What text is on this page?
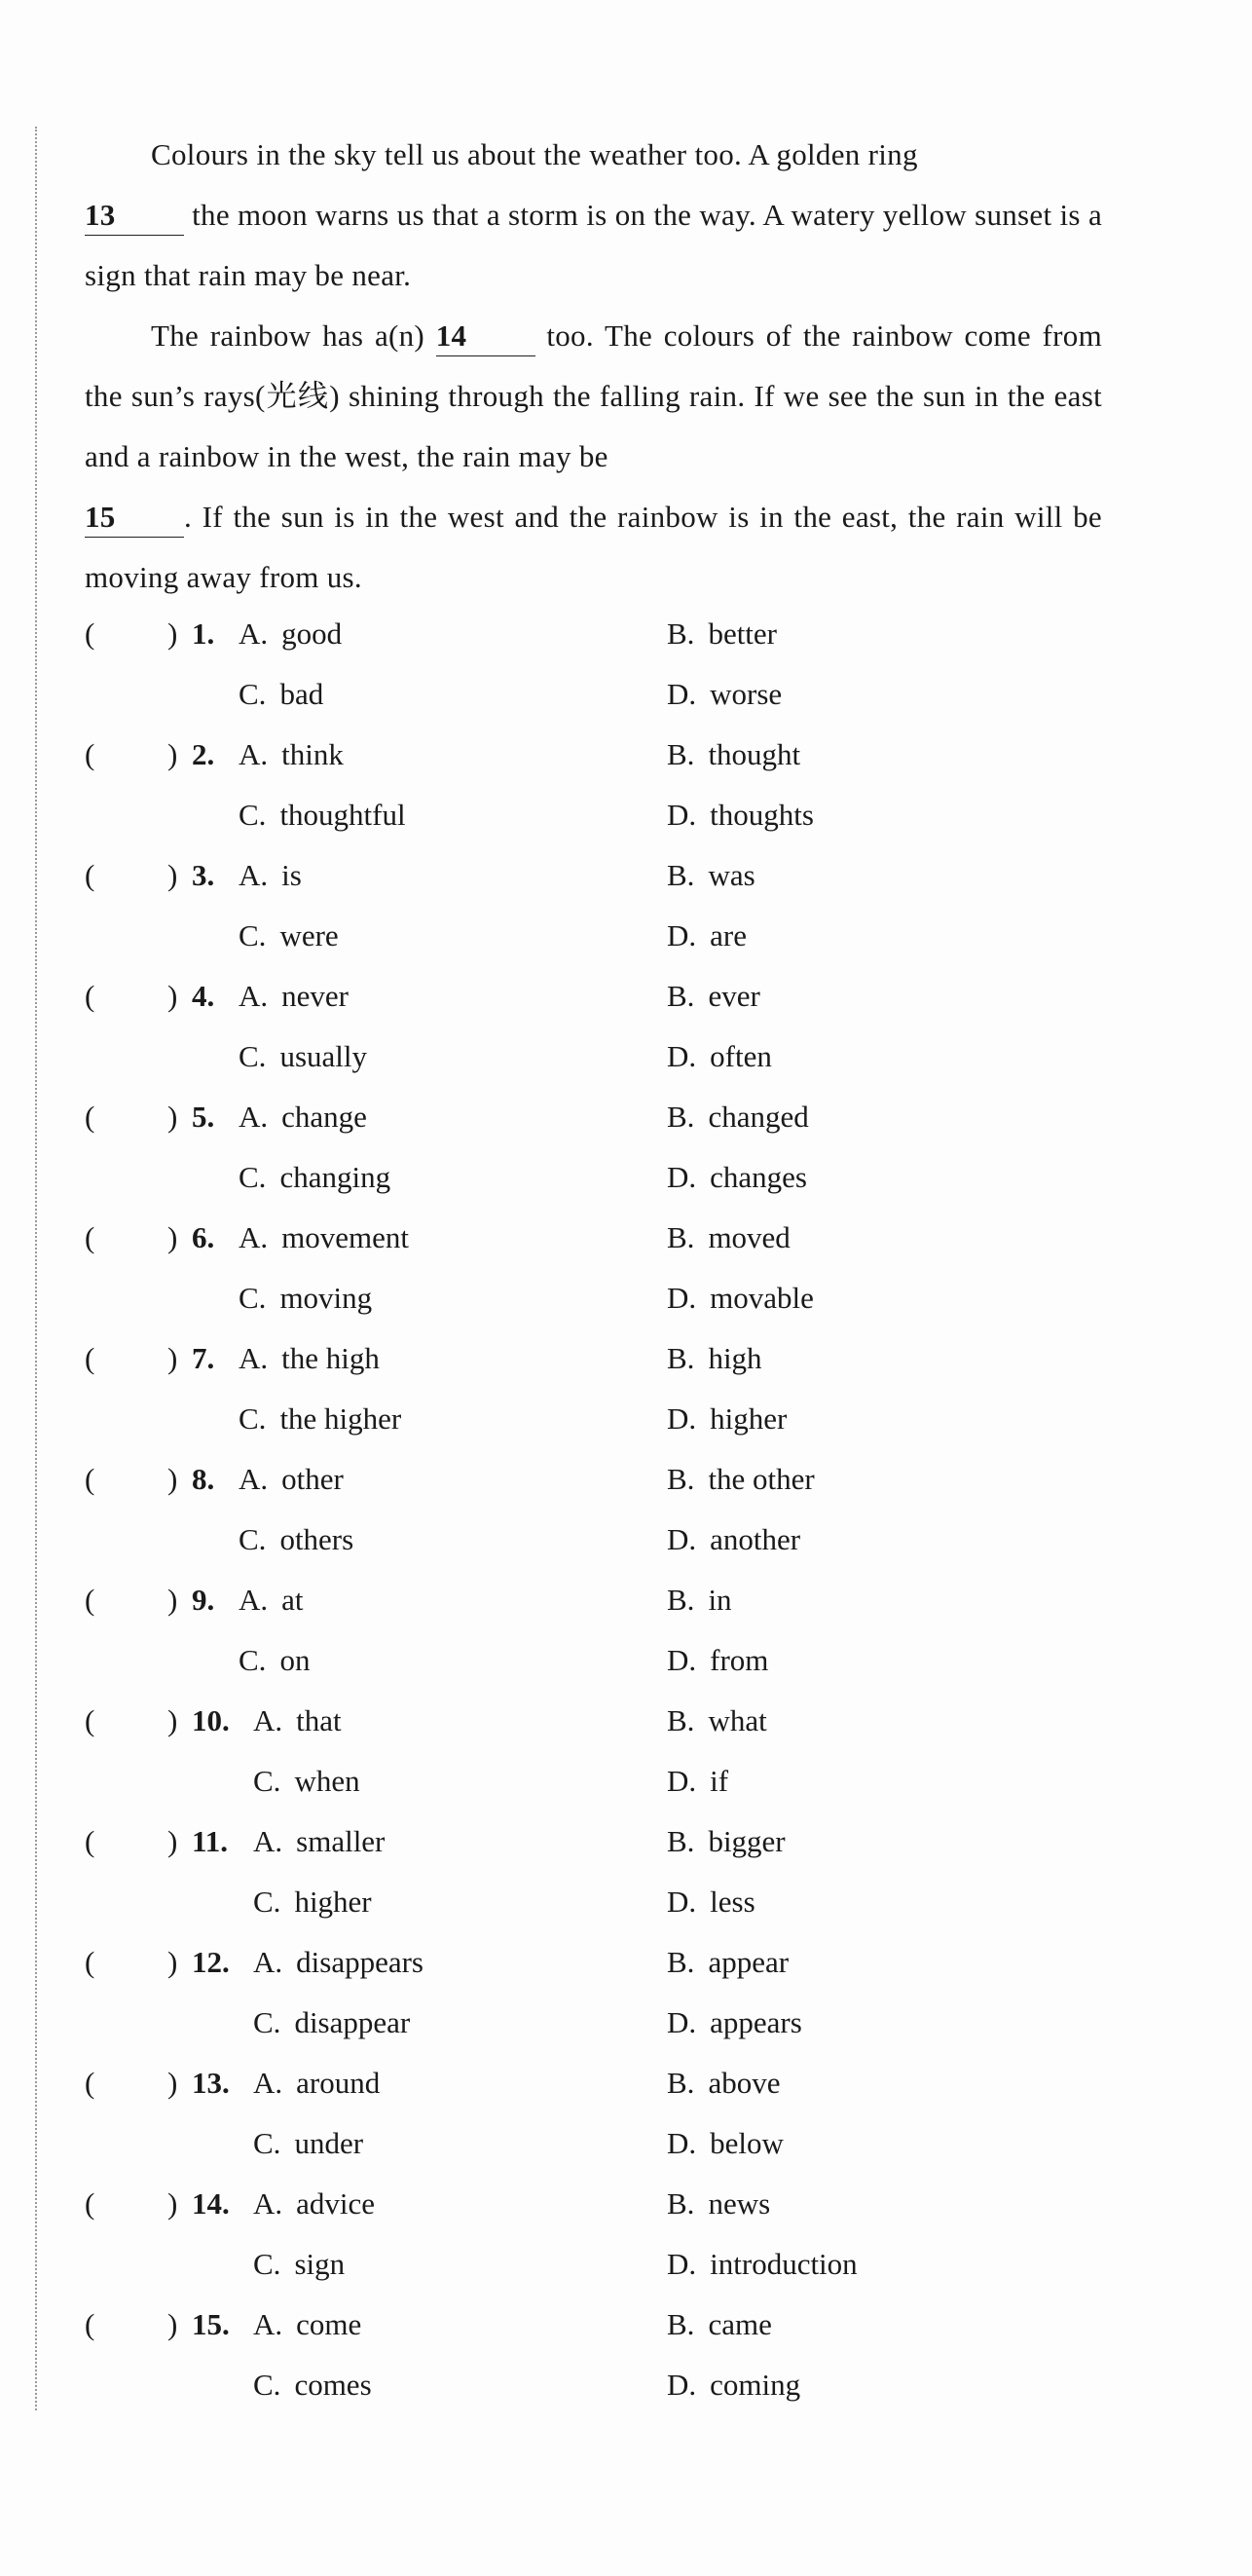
Colours in the sky tell us about the weather too. A golden ring
13 the moon warns us that a storm is on the way. A watery yellow sunset is a sign that rain may be near.

The rainbow has a(n) 14 too. The colours of the rainbow come from the sun’s rays(光线) shining through the falling rain. If we see the sun in the east and a rainbow in the west, the rain may be
15 . If the sun is in the west and the rainbow is in the east, the rain will be moving away from us.

( ) 1. A. good	B. better
C. bad	D. worse
( ) 2. A. think	B. thought
C. thoughtful	D. thoughts
( ) 3. A. is	B. was
C. were	D. are
( ) 4. A. never	B. ever
C. usually	D. often
( ) 5. A. change	B. changed
C. changing	D. changes
( ) 6. A. movement	B. moved
C. moving	D. movable
( ) 7. A. the high	B. high
C. the higher	D. higher
( ) 8. A. other	B. the other
C. others	D. another
( ) 9. A. at	B. in
C. on	D. from
( ) 10. A. that	B. what
C. when	D. if
( ) 11. A. smaller	B. bigger
C. higher	D. less
( ) 12. A. disappears	B. appear
C. disappear	D. appears
( ) 13. A. around	B. above
C. under	D. below
( ) 14. A. advice	B. news
C. sign	D. introduction
( ) 15. A. come	B. came
C. comes	D. coming
